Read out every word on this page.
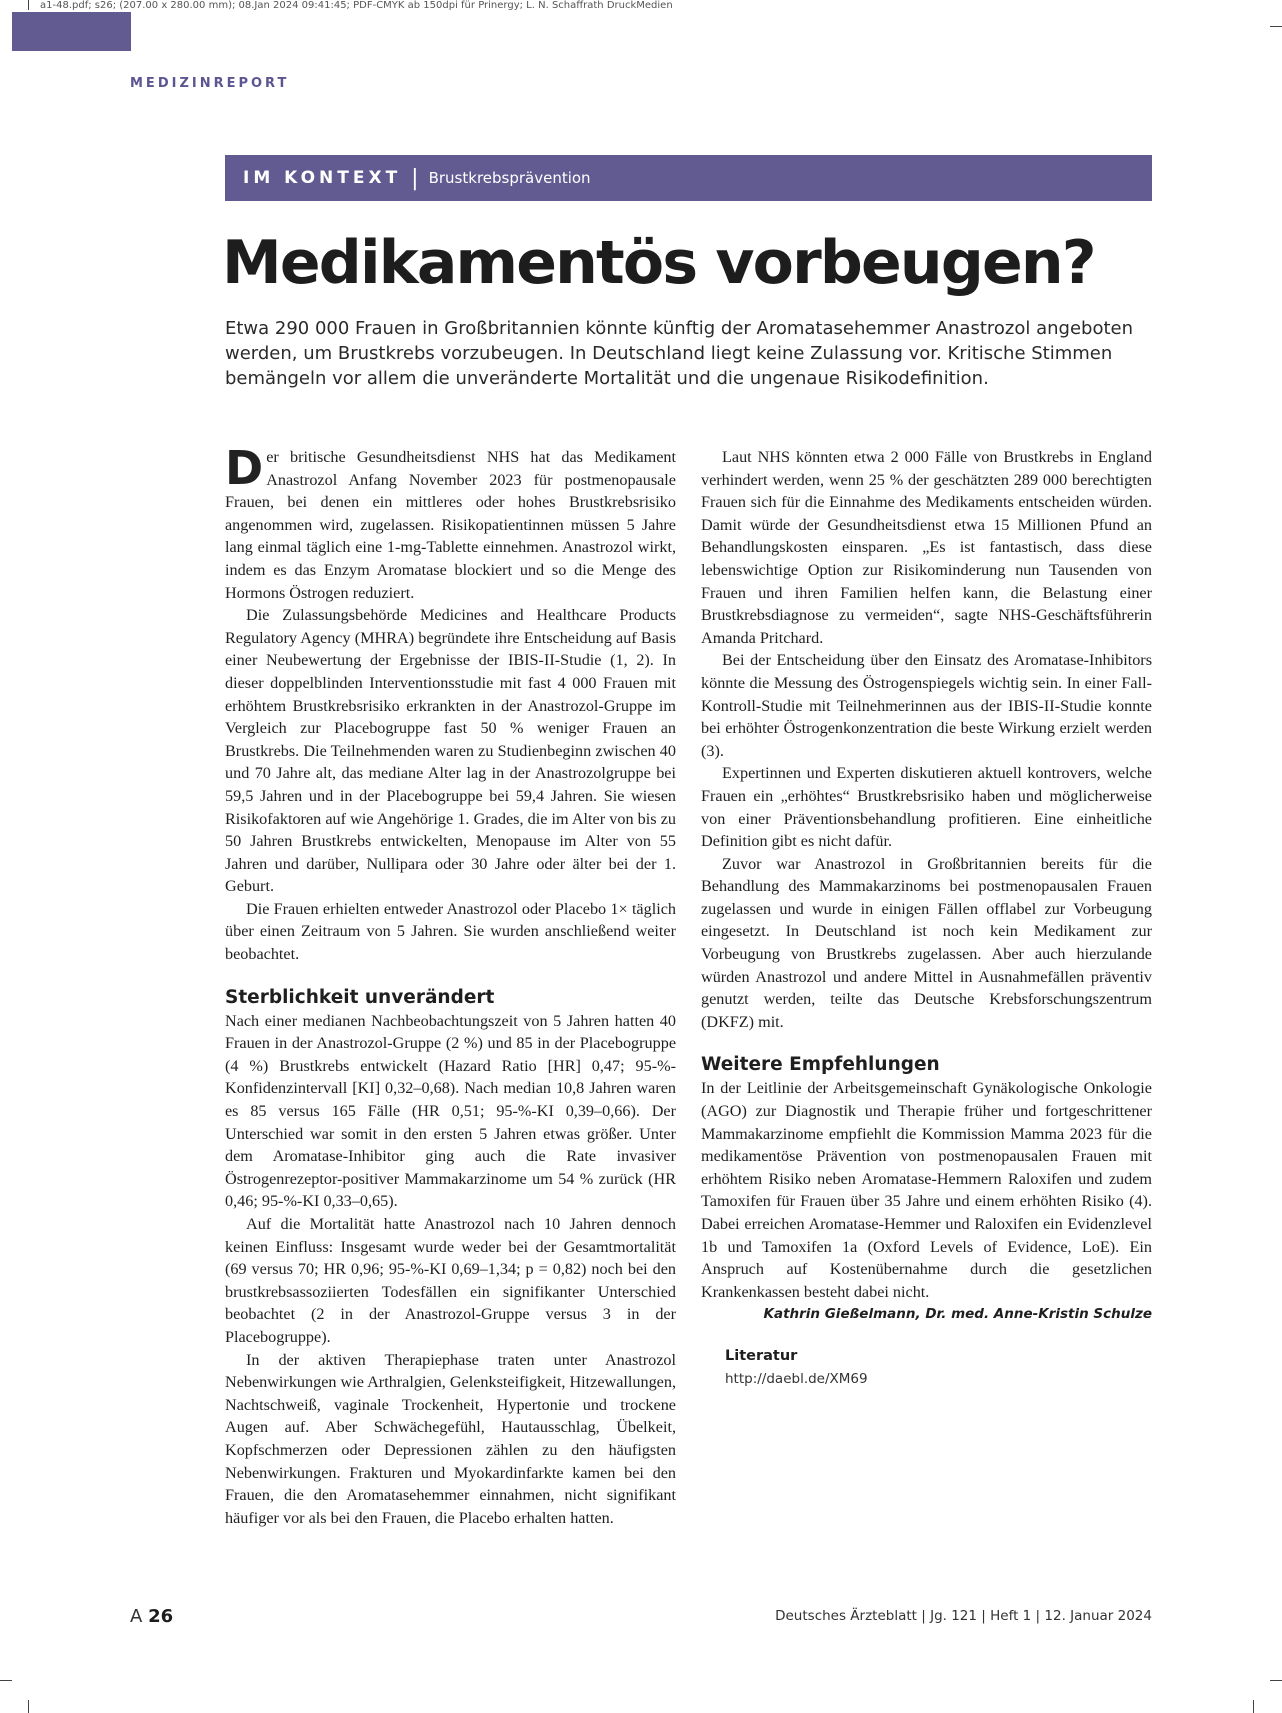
a1-48.pdf; s26; (207.00 x 280.00 mm); 08.Jan 2024 09:41:45; PDF-CMYK ab 150dpi für Prinergy; L. N. Schaffrath DruckMedien
MEDIZINREPORT
IM KONTEXT | Brustkrebsprävention
Medikamentös vorbeugen?

Etwa 290 000 Frauen in Großbritannien könnte künftig der Aromatasehemmer Anastrozol angeboten werden, um Brustkrebs vorzubeugen. In Deutschland liegt keine Zulassung vor. Kritische Stimmen bemängeln vor allem die unveränderte Mortalität und die ungenaue Risikodefinition.

Der britische Gesundheitsdienst NHS hat das Medikament Anastrozol Anfang November 2023 für postmenopausale Frauen, bei denen ein mittleres oder hohes Brustkrebsrisiko angenommen wird, zugelassen. Risikopatientinnen müssen 5 Jahre lang einmal täglich eine 1-mg-Tablette einnehmen. Anastrozol wirkt, indem es das Enzym Aromatase blockiert und so die Menge des Hormons Östrogen reduziert.

Die Zulassungsbehörde Medicines and Healthcare Products Regulatory Agency (MHRA) begründete ihre Entscheidung auf Basis einer Neubewertung der Ergebnisse der IBIS-II-Studie (1, 2). In dieser doppelblinden Interventionsstudie mit fast 4 000 Frauen mit erhöhtem Brustkrebsrisiko erkrankten in der Anastrozol-Gruppe im Vergleich zur Placebogruppe fast 50 % weniger Frauen an Brustkrebs. Die Teilnehmenden waren zu Studienbeginn zwischen 40 und 70 Jahre alt, das mediane Alter lag in der Anastrozolgruppe bei 59,5 Jahren und in der Placebogruppe bei 59,4 Jahren. Sie wiesen Risikofaktoren auf wie Angehörige 1. Grades, die im Alter von bis zu 50 Jahren Brustkrebs entwickelten, Menopause im Alter von 55 Jahren und darüber, Nullipara oder 30 Jahre oder älter bei der 1. Geburt.

Die Frauen erhielten entweder Anastrozol oder Placebo 1× täglich über einen Zeitraum von 5 Jahren. Sie wurden anschließend weiter beobachtet.

Sterblichkeit unverändert

Nach einer medianen Nachbeobachtungszeit von 5 Jahren hatten 40 Frauen in der Anastrozol-Gruppe (2 %) und 85 in der Placebogruppe (4 %) Brustkrebs entwickelt (Hazard Ratio [HR] 0,47; 95-%-Konfidenzintervall [KI] 0,32–0,68). Nach median 10,8 Jahren waren es 85 versus 165 Fälle (HR 0,51; 95-%-KI 0,39–0,66). Der Unterschied war somit in den ersten 5 Jahren etwas größer. Unter dem Aromatase-Inhibitor ging auch die Rate invasiver Östrogenrezeptor-positiver Mammakarzinome um 54 % zurück (HR 0,46; 95-%-KI 0,33–0,65).

Auf die Mortalität hatte Anastrozol nach 10 Jahren dennoch keinen Einfluss: Insgesamt wurde weder bei der Gesamtmortalität (69 versus 70; HR 0,96; 95-%-KI 0,69–1,34; p = 0,82) noch bei den brustkrebsassoziierten Todesfällen ein signifikanter Unterschied beobachtet (2 in der Anastrozol-Gruppe versus 3 in der Placebogruppe).

In der aktiven Therapiephase traten unter Anastrozol Nebenwirkungen wie Arthralgien, Gelenksteifigkeit, Hitzewallungen, Nachtschweiß, vaginale Trockenheit, Hypertonie und trockene Augen auf. Aber Schwächegefühl, Hautausschlag, Übelkeit, Kopfschmerzen oder Depressionen zählen zu den häufigsten Nebenwirkungen. Frakturen und Myokardinfarkte kamen bei den Frauen, die den Aromatasehemmer einnahmen, nicht signifikant häufiger vor als bei den Frauen, die Placebo erhalten hatten.

Laut NHS könnten etwa 2 000 Fälle von Brustkrebs in England verhindert werden, wenn 25 % der geschätzten 289 000 berechtigten Frauen sich für die Einnahme des Medikaments entscheiden würden. Damit würde der Gesundheitsdienst etwa 15 Millionen Pfund an Behandlungskosten einsparen. „Es ist fantastisch, dass diese lebenswichtige Option zur Risikominderung nun Tausenden von Frauen und ihren Familien helfen kann, die Belastung einer Brustkrebsdiagnose zu vermeiden“, sagte NHS-Geschäftsführerin Amanda Pritchard.

Bei der Entscheidung über den Einsatz des Aromatase-Inhibitors könnte die Messung des Östrogenspiegels wichtig sein. In einer Fall-Kontroll-Studie mit Teilnehmerinnen aus der IBIS-II-Studie konnte bei erhöhter Östrogenkonzentration die beste Wirkung erzielt werden (3).

Expertinnen und Experten diskutieren aktuell kontrovers, welche Frauen ein „erhöhtes“ Brustkrebsrisiko haben und möglicherweise von einer Präventionsbehandlung profitieren. Eine einheitliche Definition gibt es nicht dafür.

Zuvor war Anastrozol in Großbritannien bereits für die Behandlung des Mammakarzinoms bei postmenopausalen Frauen zugelassen und wurde in einigen Fällen offlabel zur Vorbeugung eingesetzt. In Deutschland ist noch kein Medikament zur Vorbeugung von Brustkrebs zugelassen. Aber auch hierzulande würden Anastrozol und andere Mittel in Ausnahmefällen präventiv genutzt werden, teilte das Deutsche Krebsforschungszentrum (DKFZ) mit.

Weitere Empfehlungen

In der Leitlinie der Arbeitsgemeinschaft Gynäkologische Onkologie (AGO) zur Diagnostik und Therapie früher und fortgeschrittener Mammakarzinome empfiehlt die Kommission Mamma 2023 für die medikamentöse Prävention von postmenopausalen Frauen mit erhöhtem Risiko neben Aromatase-Hemmern Raloxifen und zudem Tamoxifen für Frauen über 35 Jahre und einem erhöhten Risiko (4). Dabei erreichen Aromatase-Hemmer und Raloxifen ein Evidenzlevel 1b und Tamoxifen 1a (Oxford Levels of Evidence, LoE). Ein Anspruch auf Kostenübernahme durch die gesetzlichen Krankenkassen besteht dabei nicht.
Kathrin Gießelmann, Dr. med. Anne-Kristin Schulze

Literatur
http://daebl.de/XM69
A 26	Deutsches Ärzteblatt | Jg. 121 | Heft 1 | 12. Januar 2024
